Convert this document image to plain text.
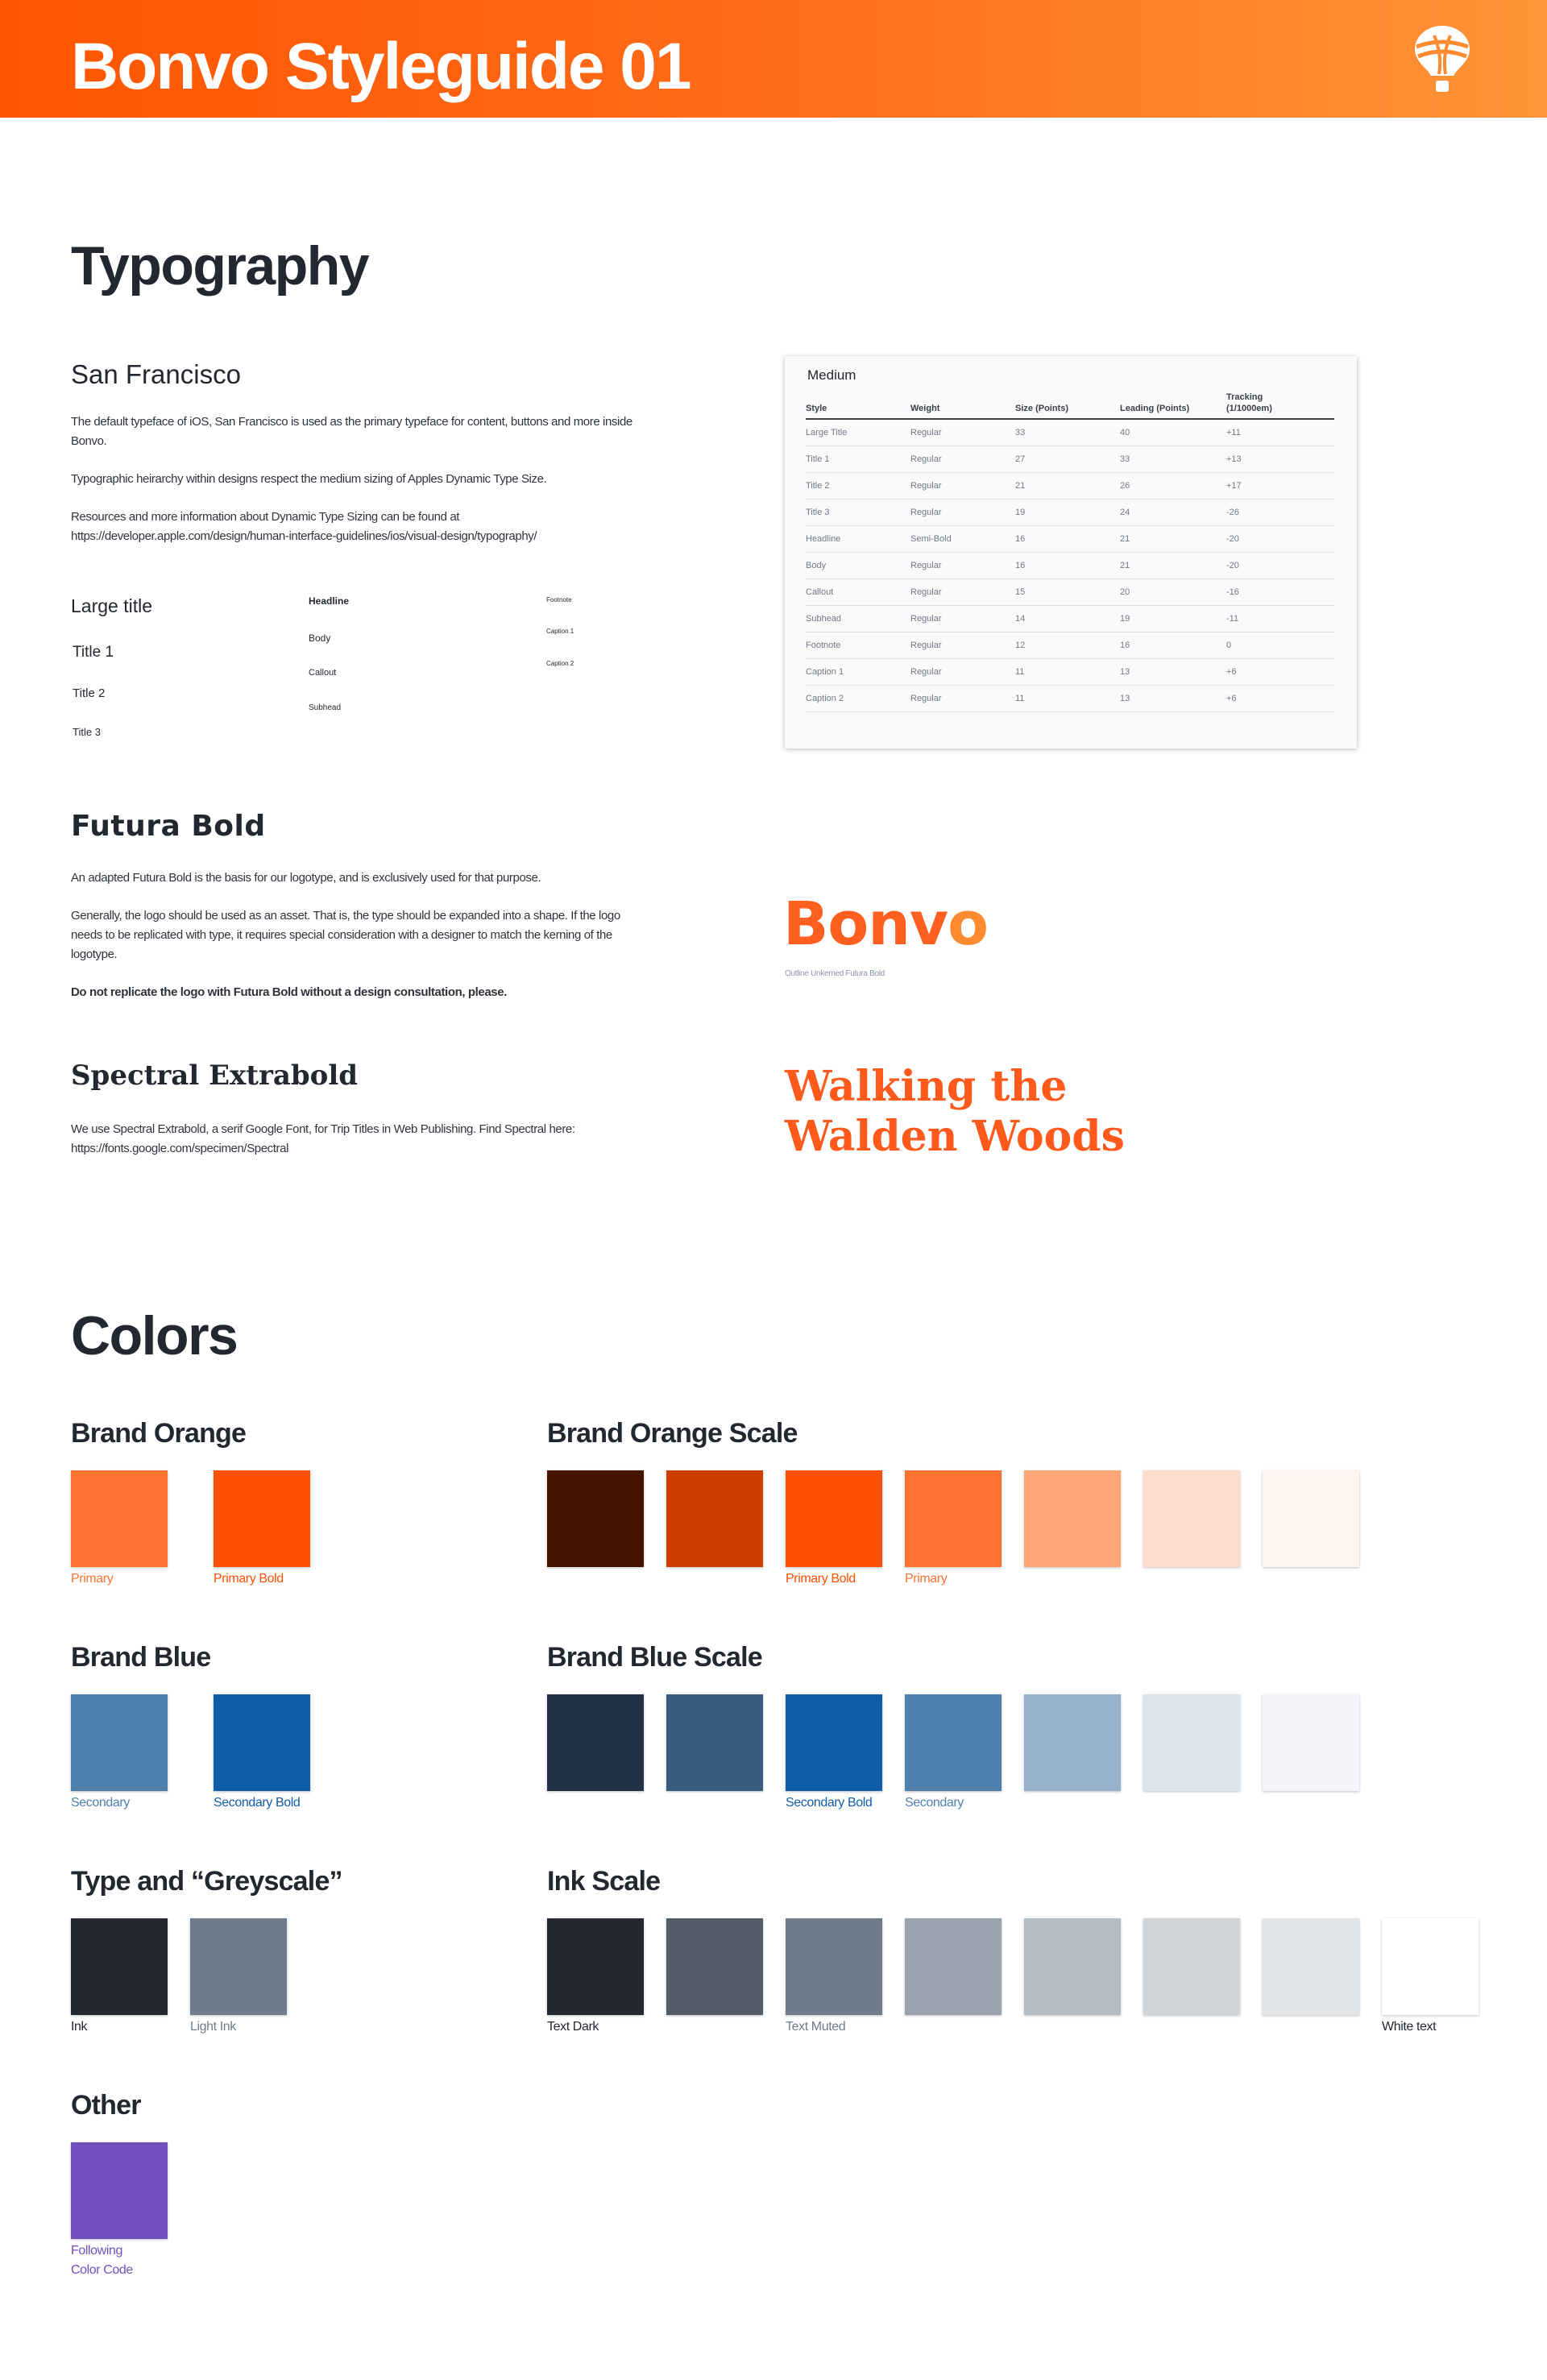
Bonvo Styleguide 01
Typography
San Francisco

The default typeface of iOS, San Francisco is used as the primary typeface for content, buttons and more inside Bonvo.

Typographic heirarchy within designs respect the medium sizing of Apples Dynamic Type Size.

Resources and more information about Dynamic Type Sizing can be found at https://developer.apple.com/design/human-interface-guidelines/ios/visual-design/typography/

Large title
Title 1
Title 2
Title 3
Headline
Body
Callout
Subhead
Footnote
Caption 1
Caption 2
Medium
Style	Weight	Size (Points)	Leading (Points)	Tracking
(1/1000em)	
Large Title	Regular	33	40	+11	
Title 1	Regular	27	33	+13	
Title 2	Regular	21	26	+17	
Title 3	Regular	19	24	-26	
Headline	Semi-Bold	16	21	-20	
Body	Regular	16	21	-20	
Callout	Regular	15	20	-16	
Subhead	Regular	14	19	-11	
Footnote	Regular	12	16	0	
Caption 1	Regular	11	13	+6	
Caption 2	Regular	11	13	+6	
Futura Bold

An adapted Futura Bold is the basis for our logotype, and is exclusively used for that purpose.

Generally, the logo should be used as an asset. That is, the type should be expanded into a shape. If the logo needs to be replicated with type, it requires special consideration with a designer to match the kerning of the logotype.

Do not replicate the logo with Futura Bold without a design consultation, please.

Bonvo
Outline Unkerned Futura Bold
Spectral Extrabold

We use Spectral Extrabold, a serif Google Font, for Trip Titles in Web Publishing. Find Spectral here: https://fonts.google.com/specimen/Spectral

Walking the
Walden Woods
Colors
Brand Orange
Primary	Primary Bold
Brand Orange Scale
Primary Bold	Primary
Brand Blue
Secondary	Secondary Bold
Brand Blue Scale
Secondary Bold	Secondary
Type and “Greyscale”
Ink	Light Ink
Ink Scale
Text Dark	Text Muted	White text
Other
Following
Color Code
